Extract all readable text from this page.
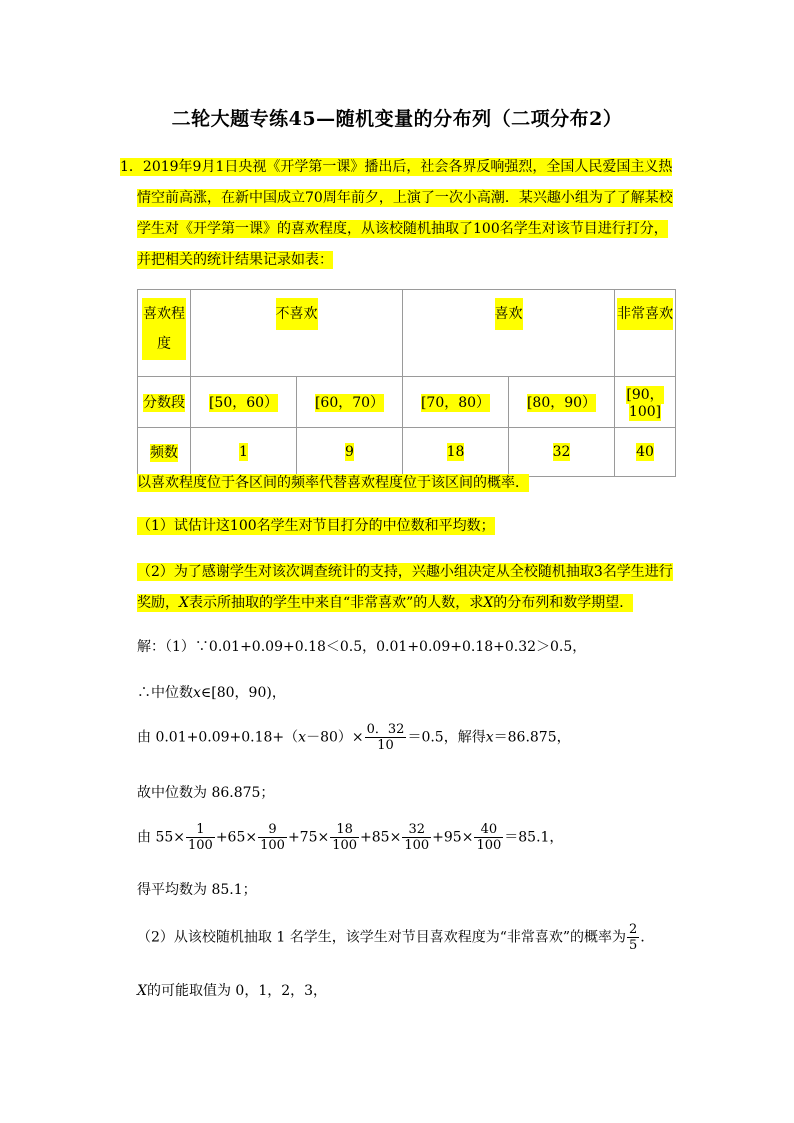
二轮大题专练45—随机变量的分布列（二项分布2）
1．2019年9月1日央视《开学第一课》播出后，社会各界反响强烈，全国人民爱国主义热
情空前高涨，在新中国成立70周年前夕，上演了一次小高潮．某兴趣小组为了了解某校
学生对《开学第一课》的喜欢程度，从该校随机抽取了100名学生对该节目进行打分，
并把相关的统计结果记录如表：
喜欢程度	不喜欢		喜欢		非常喜欢
分数段	[50，60）	[60，70）	[70，80）	[80，90）	[90，100]
频数	1	9	18	32	40
以喜欢程度位于各区间的频率代替喜欢程度位于该区间的概率．
（1）试估计这100名学生对节目打分的中位数和平均数；
（2）为了感谢学生对该次调查统计的支持，兴趣小组决定从全校随机抽取3名学生进行
奖励，X表示所抽取的学生中来自“非常喜欢”的人数，求X的分布列和数学期望．
解：（1）∵0.01+0.09+0.18＜0.5，0.01+0.09+0.18+0.32＞0.5，
∴中位数x∈[80，90)，
由 $0.01+0.09+0.18+(x-80)\times \frac{0.32}{10} =0.5$，解得x＝86.875，
故中位数为 86.875；
由 $55\times \frac{1}{100} +65\times \frac{9}{100} +75\times \frac{18}{100} +85\times \frac{32}{100} +95\times \frac{40}{100} =85.1$，
得平均数为 85.1；
（2）从该校随机抽取 1 名学生，该学生对节目喜欢程度为“非常喜欢”的概率为 $\frac{2}{5}$ ．
X的可能取值为 0，1，2，3，
